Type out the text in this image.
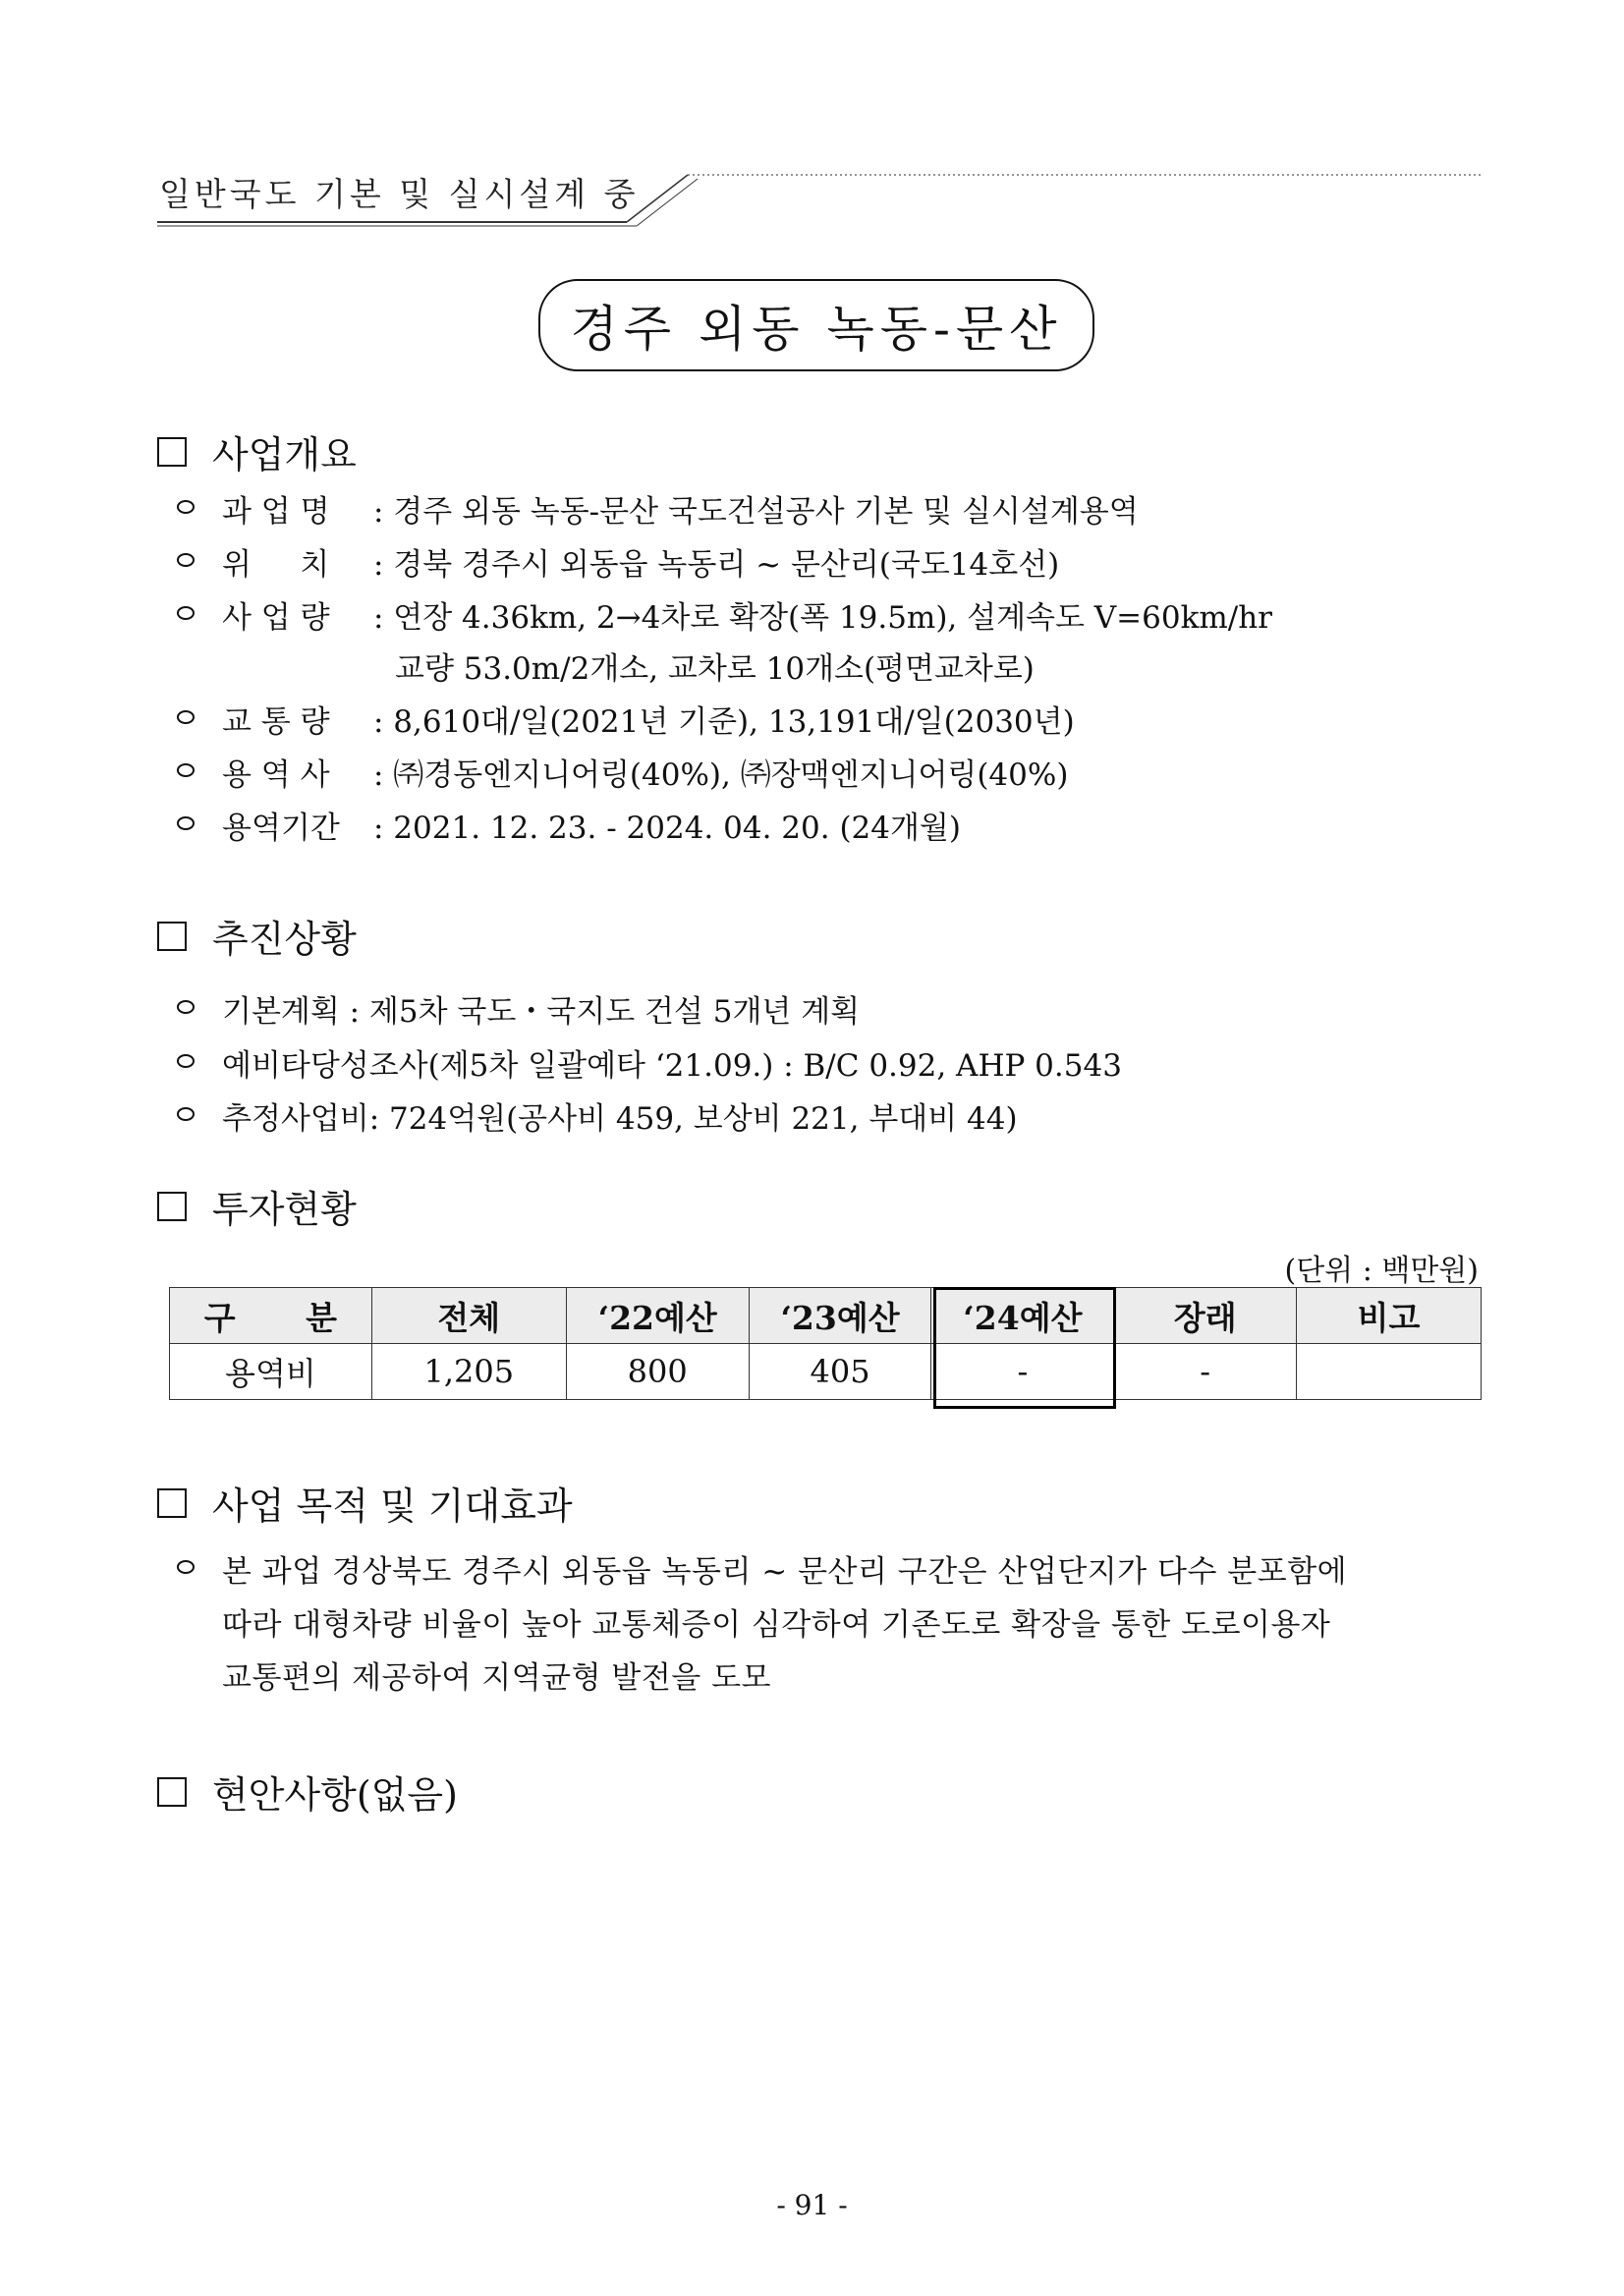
일반국도 기본 및 실시설계 중
경주 외동 녹동-문산
사업개요
과 업 명 : 경주 외동 녹동-문산 국도건설공사 기본 및 실시설계용역
위     치 : 경북 경주시 외동읍 녹동리 ~ 문산리(국도14호선)
사 업 량 : 연장 4.36km, 2→4차로 확장(폭 19.5m), 설계속도 V=60km/hr
교량 53.0m/2개소, 교차로 10개소(평면교차로)
교 통 량 : 8,610대/일(2021년 기준), 13,191대/일(2030년)
용 역 사 : ㈜경동엔지니어링(40%), ㈜장맥엔지니어링(40%)
용역기간 : 2021. 12. 23. - 2024. 04. 20. (24개월)
추진상황
기본계획 : 제5차 국도・국지도 건설 5개년 계획
예비타당성조사(제5차 일괄예타 ‘21.09.) : B/C 0.92, AHP 0.543
추정사업비: 724억원(공사비 459, 보상비 221, 부대비 44)
투자현황
(단위 : 백만원)
구 분	전체	‘22예산	‘23예산	‘24예산	장래	비고
용역비	1,205	800	405	-	-	
사업 목적 및 기대효과
본 과업 경상북도 경주시 외동읍 녹동리 ~ 문산리 구간은 산업단지가 다수 분포함에
따라 대형차량 비율이 높아 교통체증이 심각하여 기존도로 확장을 통한 도로이용자
교통편의 제공하여 지역균형 발전을 도모
현안사항(없음)
- 91 -
